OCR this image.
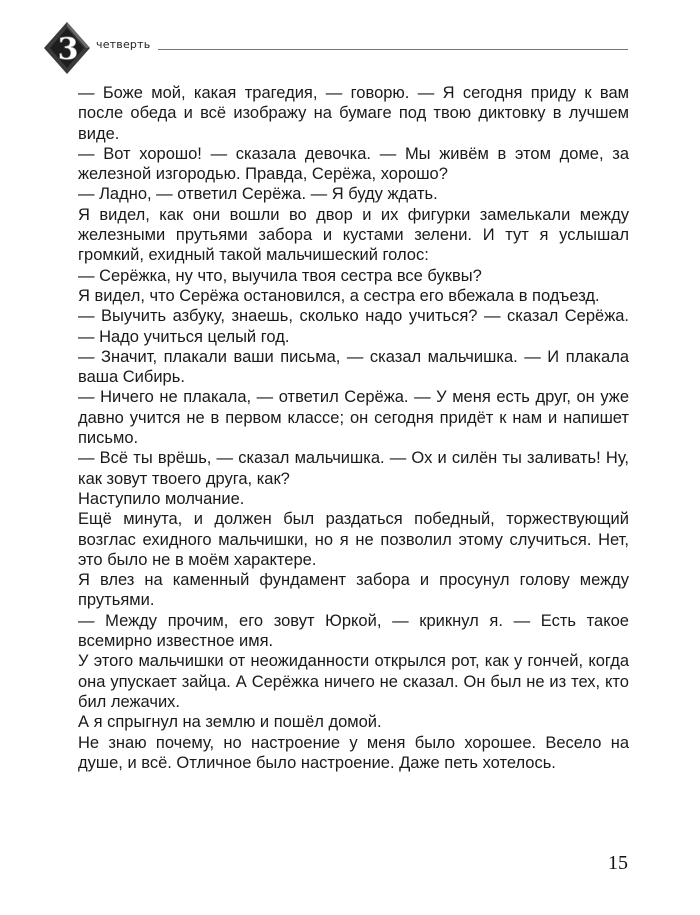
3 четверть

— Боже мой, какая трагедия, — говорю. — Я сегодня приду к вам после обеда и всё изображу на бумаге под твою диктовку в лучшем виде.

— Вот хорошо! — сказала девочка. — Мы живём в этом доме, за железной изгородью. Правда, Серёжа, хорошо?

— Ладно, — ответил Серёжа. — Я буду ждать.

Я видел, как они вошли во двор и их фигурки замелькали между железными прутьями забора и кустами зелени. И тут я услышал громкий, ехидный такой мальчишеский голос:

— Серёжка, ну что, выучила твоя сестра все буквы?

Я видел, что Серёжа остановился, а сестра его вбежала в подъезд.

— Выучить азбуку, знаешь, сколько надо учиться? — сказал Серёжа. — Надо учиться целый год.

— Значит, плакали ваши письма, — сказал мальчишка. — И плакала ваша Сибирь.

— Ничего не плакала, — ответил Серёжа. — У меня есть друг, он уже давно учится не в первом классе; он сегодня придёт к нам и напишет письмо.

— Всё ты врёшь, — сказал мальчишка. — Ох и силён ты заливать! Ну, как зовут твоего друга, как?

Наступило молчание.

Ещё минута, и должен был раздаться победный, торжествующий возглас ехидного мальчишки, но я не позволил этому случиться. Нет, это было не в моём характере.

Я влез на каменный фундамент забора и просунул голову между прутьями.

— Между прочим, его зовут Юркой, — крикнул я. — Есть такое всемирно известное имя.

У этого мальчишки от неожиданности открылся рот, как у гончей, когда она упускает зайца. А Серёжка ничего не сказал. Он был не из тех, кто бил лежачих.

А я спрыгнул на землю и пошёл домой.

Не знаю почему, но настроение у меня было хорошее. Весело на душе, и всё. Отличное было настроение. Даже петь хотелось.

15
